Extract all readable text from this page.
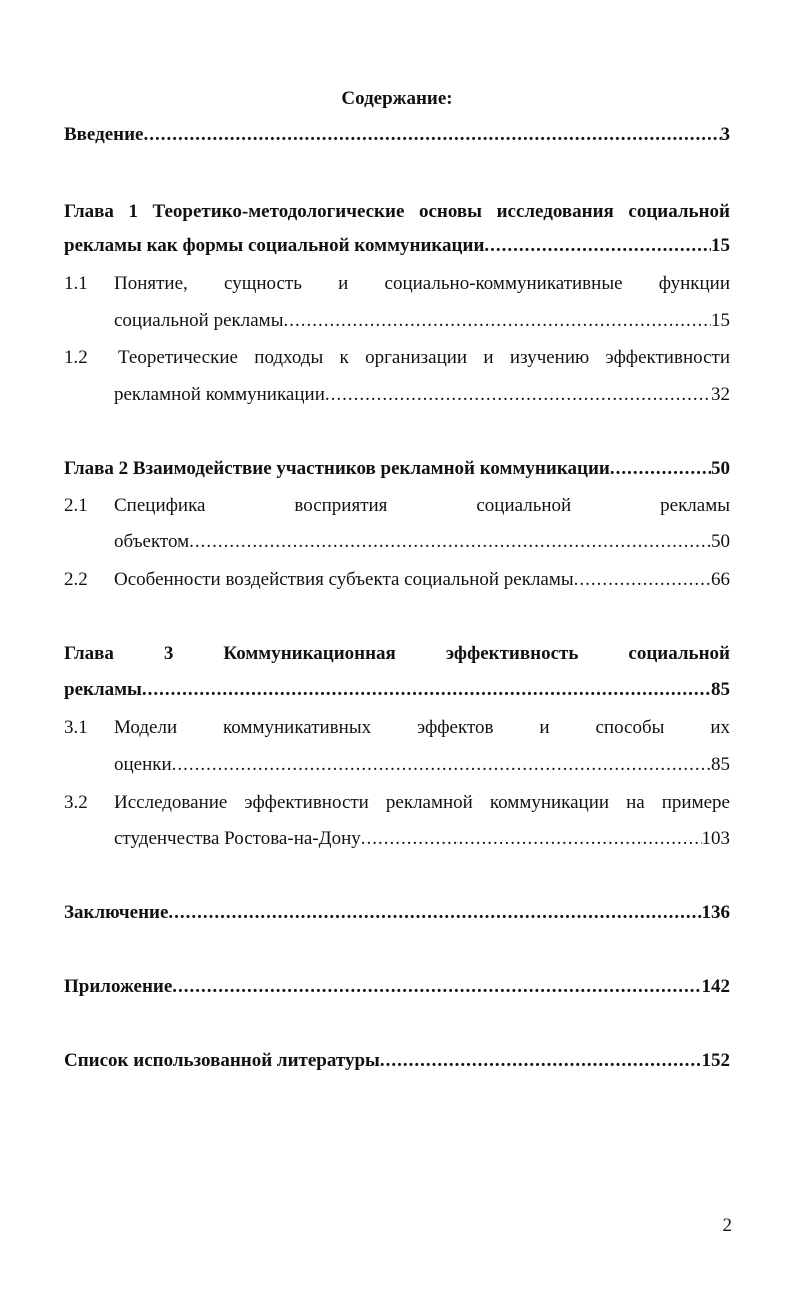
Содержание:
Введение .....	3
Глава 1 Теоретико-методологические основы исследования социальной
рекламы как формы социальной коммуникации .....	15
1.1 Понятие, сущность и социально-коммуникативные функции
социальной рекламы .....	15
1.2 Теоретические подходы к организации и изучению эффективности
рекламной коммуникации .....	32
Глава 2 Взаимодействие участников рекламной коммуникации .....	50
2.1 Специфика восприятия социальной рекламы
объектом .....	50
2.2 Особенности воздействия субъекта социальной рекламы .....	66
Глава 3 Коммуникационная эффективность социальной
рекламы .....	85
3.1 Модели коммуникативных эффектов и способы их
оценки .....	85
3.2 Исследование эффективности рекламной коммуникации на примере
студенчества Ростова-на-Дону .....	103
Заключение .....	136
Приложение .....	142
Список использованной литературы .....	152
2
